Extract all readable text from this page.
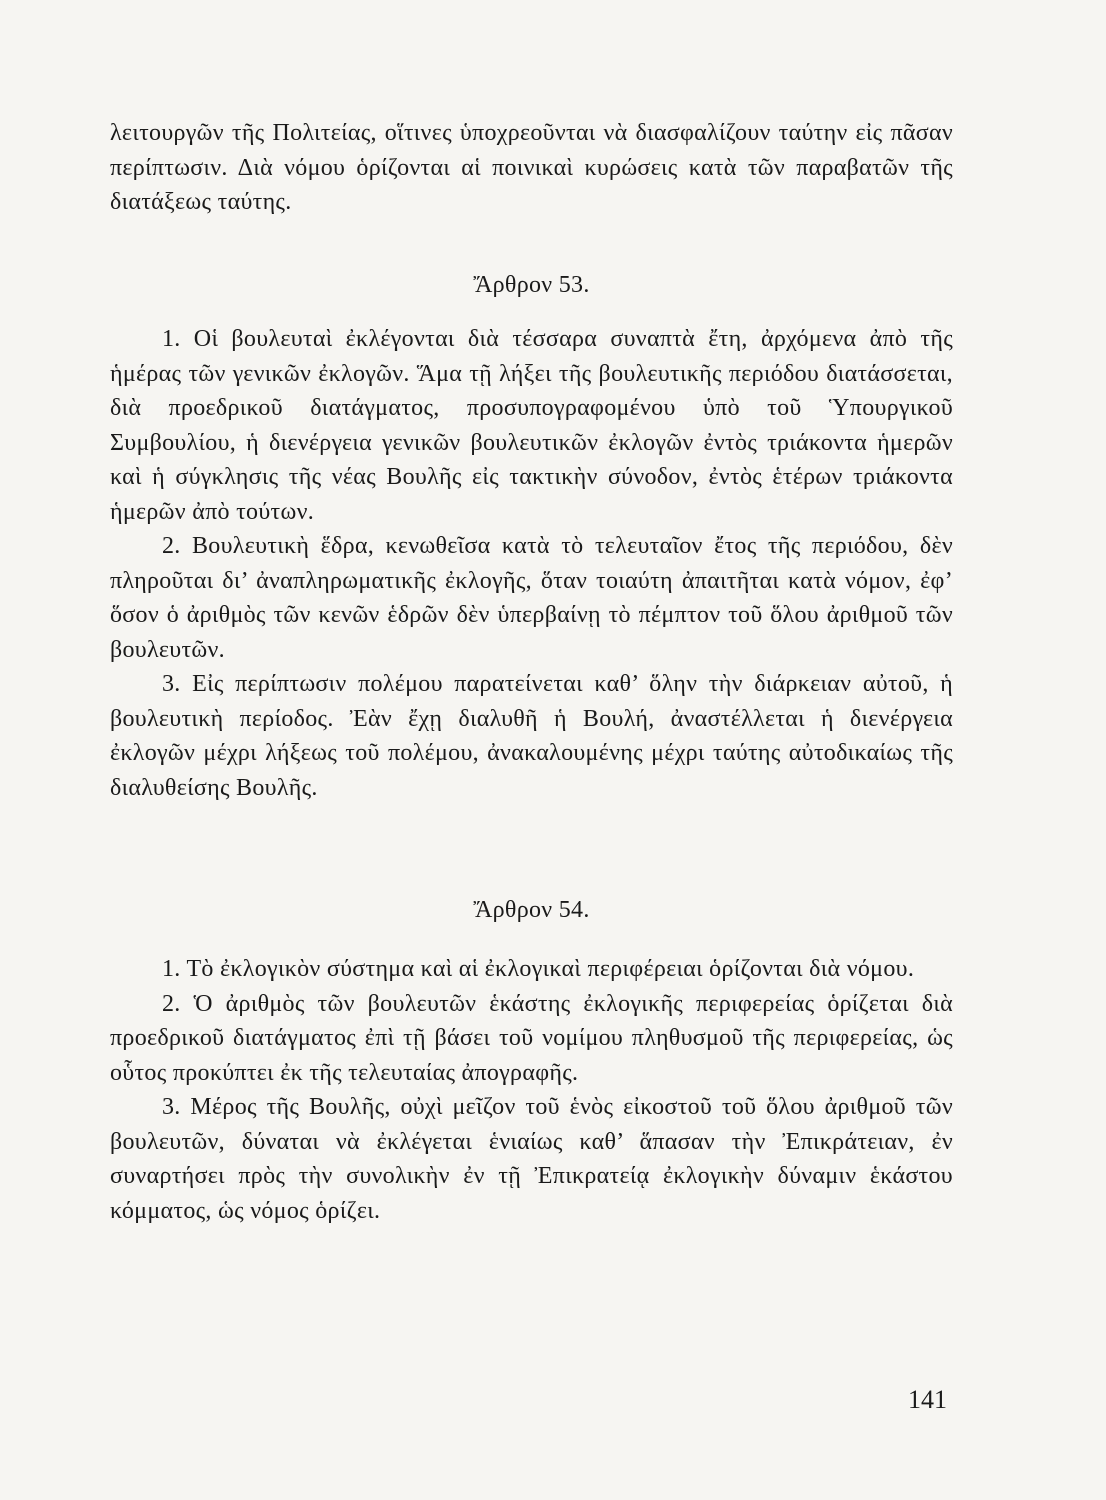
λειτουργῶν τῆς Πολιτείας, οἵτινες ὑποχρεοῦνται νὰ διασφαλίζουν ταύτην εἰς πᾶσαν περίπτωσιν. Διὰ νόμου ὁρίζονται αἱ ποινικαὶ κυρώσεις κατὰ τῶν παραβατῶν τῆς διατάξεως ταύτης.

Ἄρθρον 53.

1. Οἱ βουλευταὶ ἐκλέγονται διὰ τέσσαρα συναπτὰ ἔτη, ἀρχόμενα ἀπὸ τῆς ἡμέρας τῶν γενικῶν ἐκλογῶν. Ἅμα τῇ λήξει τῆς βουλευτικῆς περιόδου διατάσσεται, διὰ προεδρικοῦ διατάγματος, προσυπογραφομένου ὑπὸ τοῦ Ὑπουργικοῦ Συμβουλίου, ἡ διενέργεια γενικῶν βουλευτικῶν ἐκλογῶν ἐντὸς τριάκοντα ἡμερῶν καὶ ἡ σύγκλησις τῆς νέας Βουλῆς εἰς τακτικὴν σύνοδον, ἐντὸς ἑτέρων τριάκοντα ἡμερῶν ἀπὸ τούτων.

2. Βουλευτικὴ ἕδρα, κενωθεῖσα κατὰ τὸ τελευταῖον ἔτος τῆς περιόδου, δὲν πληροῦται δι’ ἀναπληρωματικῆς ἐκλογῆς, ὅταν τοιαύτη ἀπαιτῆται κατὰ νόμον, ἐφ’ ὅσον ὁ ἀριθμὸς τῶν κενῶν ἑδρῶν δὲν ὑπερβαίνῃ τὸ πέμπτον τοῦ ὅλου ἀριθμοῦ τῶν βουλευτῶν.

3. Εἰς περίπτωσιν πολέμου παρατείνεται καθ’ ὅλην τὴν διάρκειαν αὐτοῦ, ἡ βουλευτικὴ περίοδος. Ἐὰν ἔχῃ διαλυθῆ ἡ Βουλή, ἀναστέλλεται ἡ διενέργεια ἐκλογῶν μέχρι λήξεως τοῦ πολέμου, ἀνακαλουμένης μέχρι ταύτης αὐτοδικαίως τῆς διαλυθείσης Βουλῆς.

Ἄρθρον 54.

1. Τὸ ἐκλογικὸν σύστημα καὶ αἱ ἐκλογικαὶ περιφέρειαι ὁρίζονται διὰ νόμου.

2. Ὁ ἀριθμὸς τῶν βουλευτῶν ἑκάστης ἐκλογικῆς περιφερείας ὁρίζεται διὰ προεδρικοῦ διατάγματος ἐπὶ τῇ βάσει τοῦ νομίμου πληθυσμοῦ τῆς περιφερείας, ὡς οὗτος προκύπτει ἐκ τῆς τελευταίας ἀπογραφῆς.

3. Μέρος τῆς Βουλῆς, οὐχὶ μεῖζον τοῦ ἑνὸς εἰκοστοῦ τοῦ ὅλου ἀριθμοῦ τῶν βουλευτῶν, δύναται νὰ ἐκλέγεται ἑνιαίως καθ’ ἅπασαν τὴν Ἐπικράτειαν, ἐν συναρτήσει πρὸς τὴν συνολικὴν ἐν τῇ Ἐπικρατείᾳ ἐκλογικὴν δύναμιν ἑκάστου κόμματος, ὡς νόμος ὁρίζει.

141
